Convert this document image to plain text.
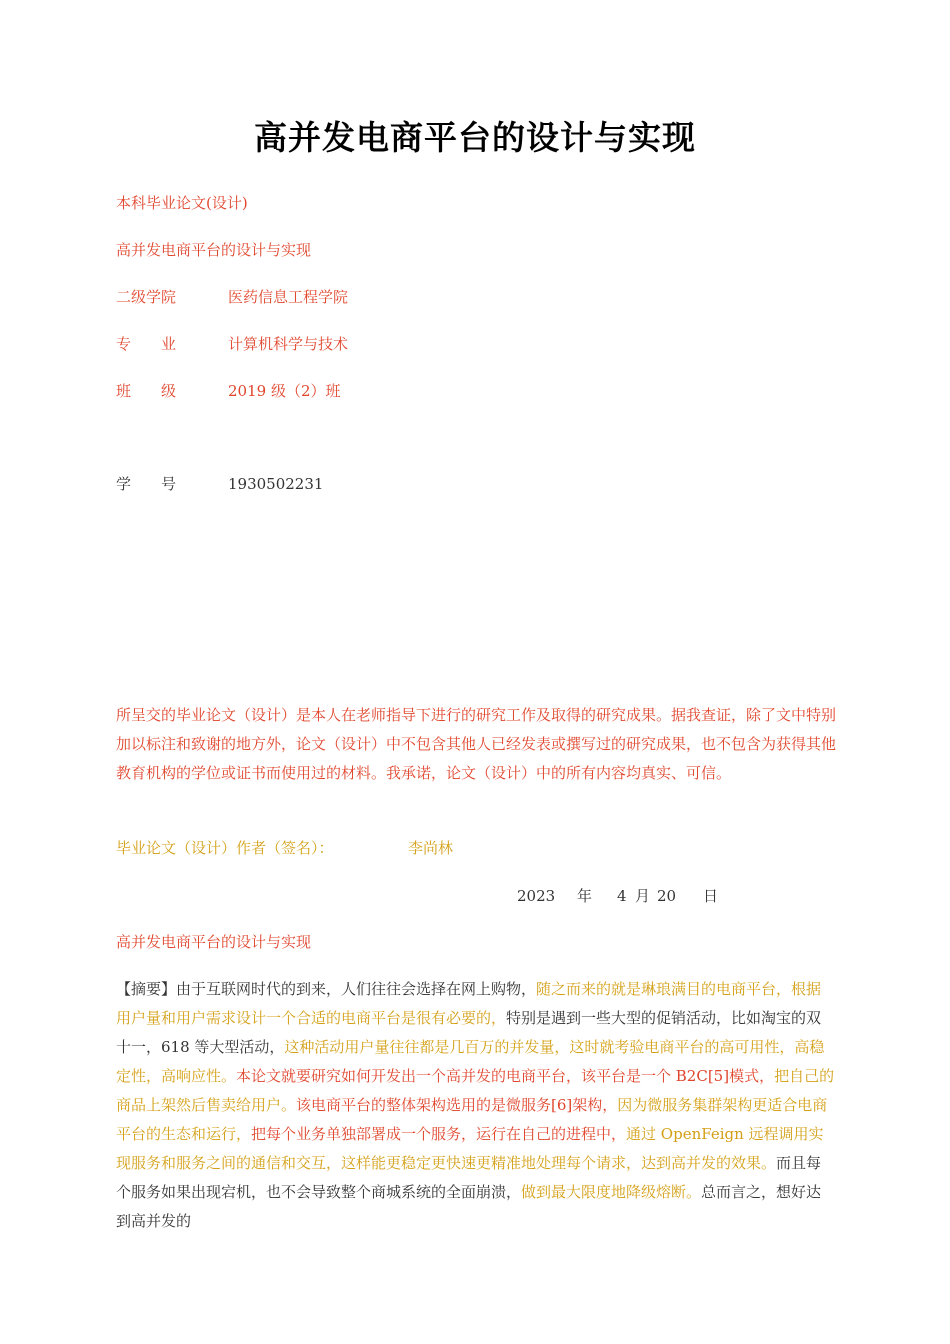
高并发电商平台的设计与实现
本科毕业论文(设计)
高并发电商平台的设计与实现
二级学院	医药信息工程学院
专　　业	计算机科学与技术
班　　级	2019 级（2）班
学　　号	1930502231
所呈交的毕业论文（设计）是本人在老师指导下进行的研究工作及取得的研究成果。据我查证，除了文中特别加以标注和致谢的地方外，论文（设计）中不包含其他人已经发表或撰写过的研究成果，也不包含为获得其他教育机构的学位或证书而使用过的材料。我承诺，论文（设计）中的所有内容均真实、可信。
毕业论文（设计）作者（签名）：	李尚林
2023 年 4 月 20 日
高并发电商平台的设计与实现
【摘要】由于互联网时代的到来，人们往往会选择在网上购物，随之而来的就是琳琅满目的电商平台，根据用户量和用户需求设计一个合适的电商平台是很有必要的，特别是遇到一些大型的促销活动，比如淘宝的双十一，618 等大型活动，这种活动用户量往往都是几百万的并发量，这时就考验电商平台的高可用性，高稳定性，高响应性。本论文就要研究如何开发出一个高并发的电商平台，该平台是一个 B2C[5]模式，把自己的商品上架然后售卖给用户。该电商平台的整体架构选用的是微服务[6]架构，因为微服务集群架构更适合电商平台的生态和运行，把每个业务单独部署成一个服务，运行在自己的进程中，通过 OpenFeign 远程调用实现服务和服务之间的通信和交互，这样能更稳定更快速更精准地处理每个请求，达到高并发的效果。而且每个服务如果出现宕机，也不会导致整个商城系统的全面崩溃，做到最大限度地降级熔断。总而言之，想好达到高并发的
